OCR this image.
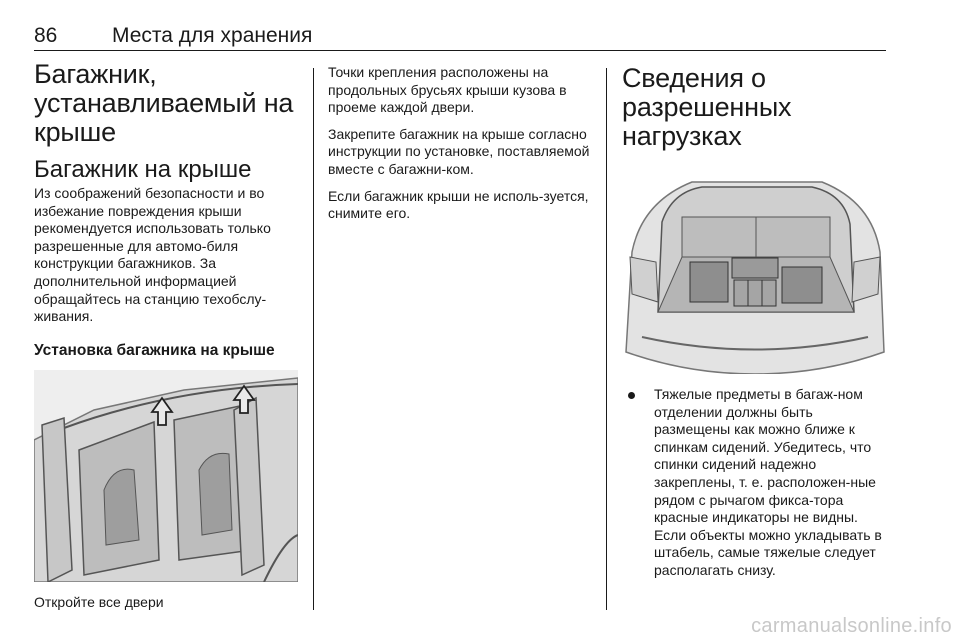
86	Места для хранения
Багажник, устанавливаемый на крыше
Багажник на крыше

Из соображений безопасности и во избежание повреждения крыши рекомендуется использовать только разрешенные для автомо-биля конструкции багажников. За дополнительной информацией обращайтесь на станцию техобслу-живания.

Установка багажника на крыше

Откройте все двери

Точки крепления расположены на продольных брусьях крыши кузова в проеме каждой двери.

Закрепите багажник на крыше согласно инструкции по установке, поставляемой вместе с багажни-ком.

Если багажник крыши не исполь-зуется, снимите его.

Сведения о разрешенных нагрузках
Тяжелые предметы в багаж-ном отделении должны быть размещены как можно ближе к спинкам сидений. Убедитесь, что спинки сидений надежно закреплены, т. е. расположен-ные рядом с рычагом фикса-тора красные индикаторы не видны. Если объекты можно укладывать в штабель, самые тяжелые следует располагать снизу.
carmanualsonline.info
